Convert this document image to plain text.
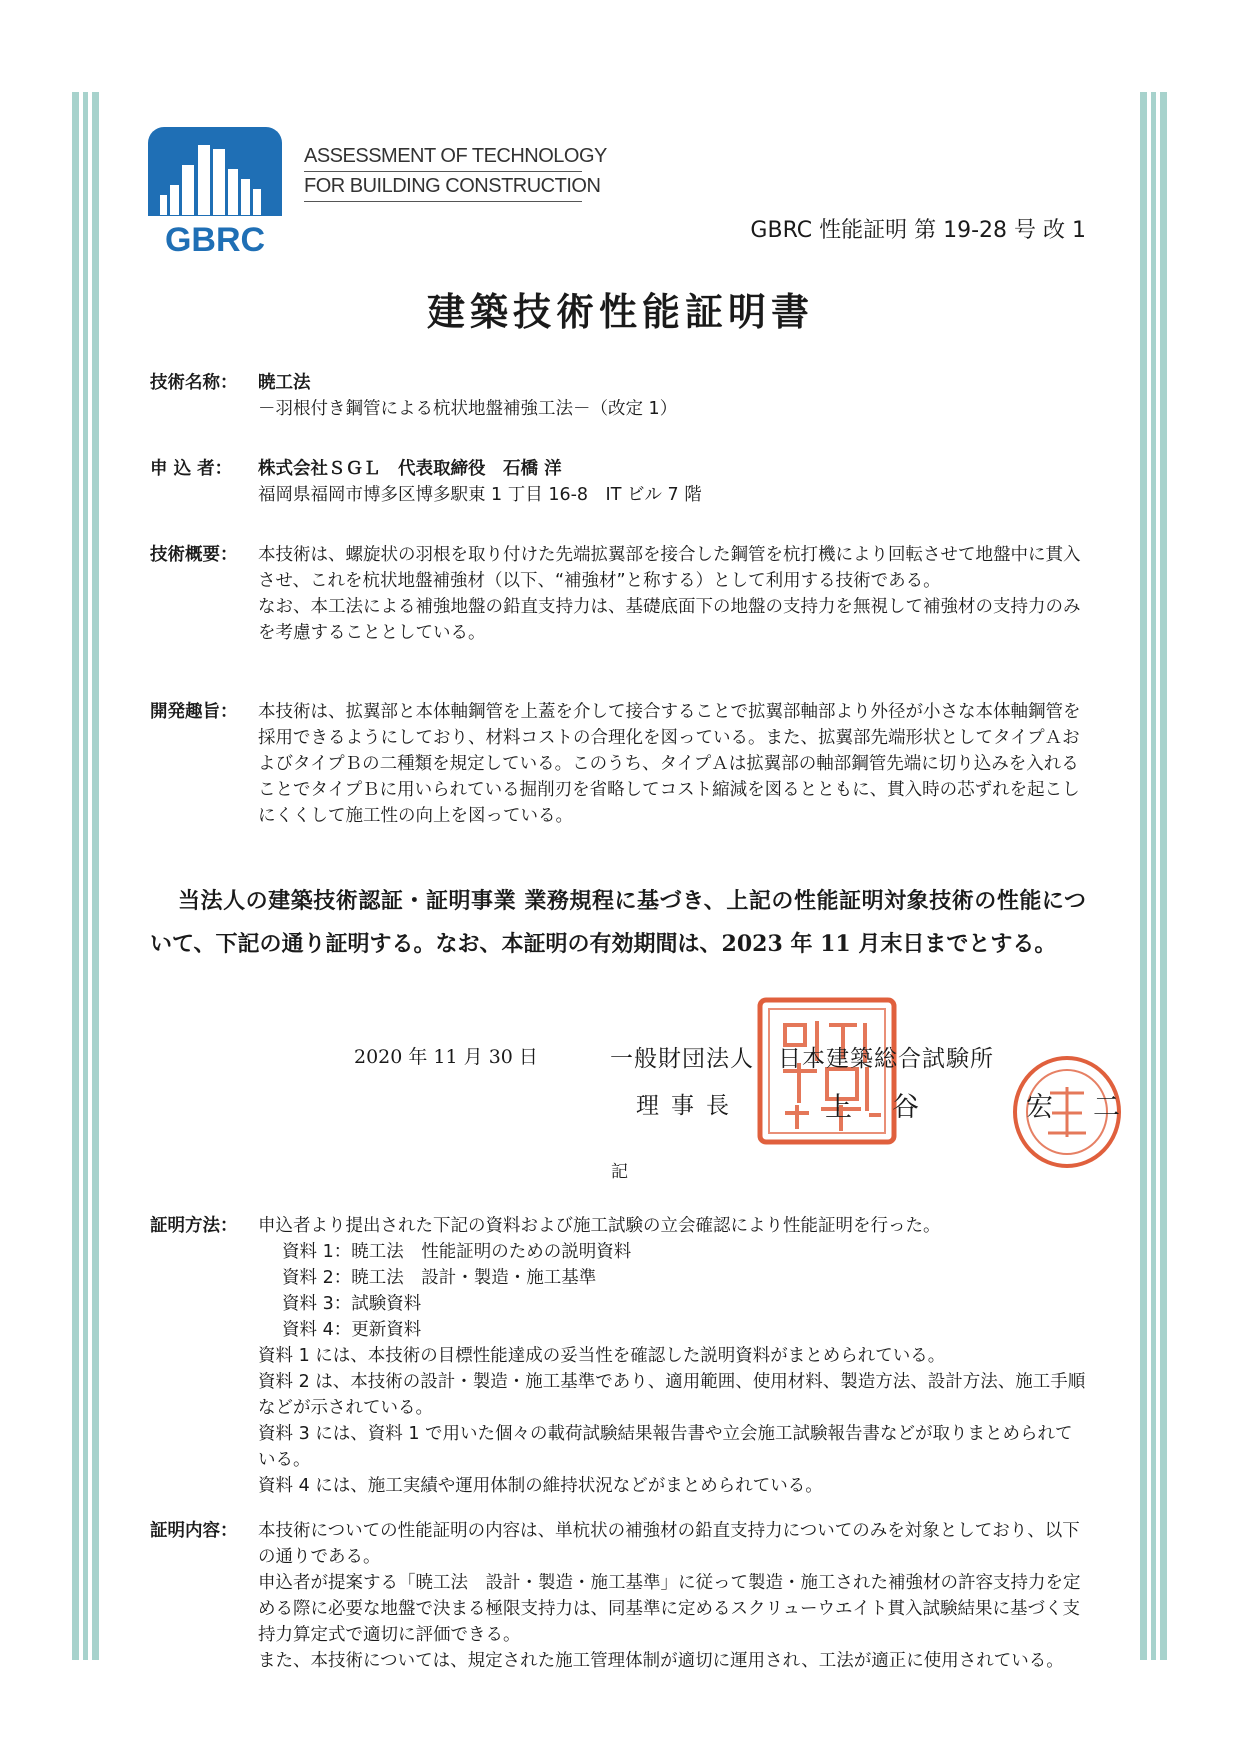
GBRC
ASSESSMENT OF TECHNOLOGY
FOR BUILDING CONSTRUCTION
GBRC 性能証明 第 19-28 号 改 1
建築技術性能証明書
技術名称：	暁工法

－羽根付き鋼管による杭状地盤補強工法－（改定 1）

申 込 者：	株式会社ＳＧＬ　代表取締役　石橋 洋

福岡県福岡市博多区博多駅東 1 丁目 16-8　IT ビル 7 階

技術概要：	本技術は、螺旋状の羽根を取り付けた先端拡翼部を接合した鋼管を杭打機により回転させて地盤中に貫入させ、これを杭状地盤補強材（以下、“補強材”と称する）として利用する技術である。

なお、本工法による補強地盤の鉛直支持力は、基礎底面下の地盤の支持力を無視して補強材の支持力のみを考慮することとしている。

開発趣旨：	本技術は、拡翼部と本体軸鋼管を上蓋を介して接合することで拡翼部軸部より外径が小さな本体軸鋼管を採用できるようにしており、材料コストの合理化を図っている。また、拡翼部先端形状としてタイプＡおよびタイプＢの二種類を規定している。このうち、タイプＡは拡翼部の軸部鋼管先端に切り込みを入れることでタイプＢに用いられている掘削刃を省略してコスト縮減を図るとともに、貫入時の芯ずれを起こしにくくして施工性の向上を図っている。

当法人の建築技術認証・証明事業 業務規程に基づき、上記の性能証明対象技術の性能について、下記の通り証明する。なお、本証明の有効期間は、2023 年 11 月末日までとする。
2020 年 11 月 30 日	一般財団法人　日本建築総合試験所
理事長	上谷　宏二
記
証明方法：	申込者より提出された下記の資料および施工試験の立会確認により性能証明を行った。

資料 1：暁工法　性能証明のための説明資料

資料 2：暁工法　設計・製造・施工基準

資料 3：試験資料

資料 4：更新資料

資料 1 には、本技術の目標性能達成の妥当性を確認した説明資料がまとめられている。

資料 2 は、本技術の設計・製造・施工基準であり、適用範囲、使用材料、製造方法、設計方法、施工手順などが示されている。

資料 3 には、資料 1 で用いた個々の載荷試験結果報告書や立会施工試験報告書などが取りまとめられている。

資料 4 には、施工実績や運用体制の維持状況などがまとめられている。

証明内容：	本技術についての性能証明の内容は、単杭状の補強材の鉛直支持力についてのみを対象としており、以下の通りである。

申込者が提案する「暁工法　設計・製造・施工基準」に従って製造・施工された補強材の許容支持力を定める際に必要な地盤で決まる極限支持力は、同基準に定めるスクリューウエイト貫入試験結果に基づく支持力算定式で適切に評価できる。

また、本技術については、規定された施工管理体制が適切に運用され、工法が適正に使用されている。
